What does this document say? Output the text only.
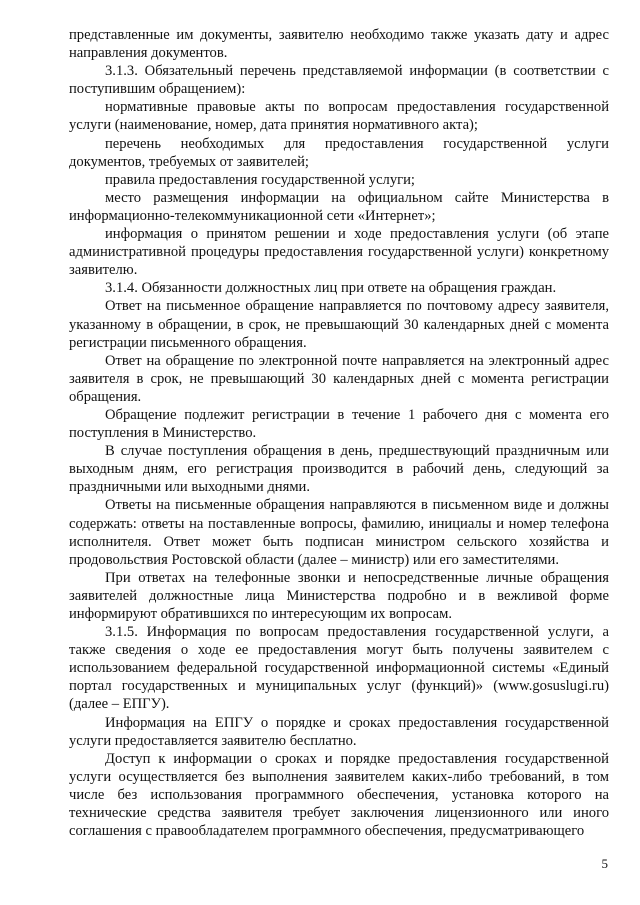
представленные им документы, заявителю необходимо также указать дату и адрес направления документов.

3.1.3. Обязательный перечень представляемой информации (в соответствии с поступившим обращением):

нормативные правовые акты по вопросам предоставления государственной услуги (наименование, номер, дата принятия нормативного акта);

перечень необходимых для предоставления государственной услуги документов, требуемых от заявителей;

правила предоставления государственной услуги;

место размещения информации на официальном сайте Министерства в информационно-телекоммуникационной сети «Интернет»;

информация о принятом решении и ходе предоставления услуги (об этапе административной процедуры предоставления государственной услуги) конкретному заявителю.

3.1.4. Обязанности должностных лиц при ответе на обращения граждан.

Ответ на письменное обращение направляется по почтовому адресу заявителя, указанному в обращении, в срок, не превышающий 30 календарных дней с момента регистрации письменного обращения.

Ответ на обращение по электронной почте направляется на электронный адрес заявителя в срок, не превышающий 30 календарных дней с момента регистрации обращения.

Обращение подлежит регистрации в течение 1 рабочего дня с момента его поступления в Министерство.

В случае поступления обращения в день, предшествующий праздничным или выходным дням, его регистрация производится в рабочий день, следующий за праздничными или выходными днями.

Ответы на письменные обращения направляются в письменном виде и должны содержать: ответы на поставленные вопросы, фамилию, инициалы и номер телефона исполнителя. Ответ может быть подписан министром сельского хозяйства и продовольствия Ростовской области (далее – министр) или его заместителями.

При ответах на телефонные звонки и непосредственные личные обращения заявителей должностные лица Министерства подробно и в вежливой форме информируют обратившихся по интересующим их вопросам.

3.1.5. Информация по вопросам предоставления государственной услуги, а также сведения о ходе ее предоставления могут быть получены заявителем с использованием федеральной государственной информационной системы «Единый портал государственных и муниципальных услуг (функций)» (www.gosuslugi.ru) (далее – ЕПГУ).

Информация на ЕПГУ о порядке и сроках предоставления государственной услуги предоставляется заявителю бесплатно.

Доступ к информации о сроках и порядке предоставления государственной услуги осуществляется без выполнения заявителем каких-либо требований, в том числе без использования программного обеспечения, установка которого на технические средства заявителя требует заключения лицензионного или иного соглашения с правообладателем программного обеспечения, предусматривающего

5
